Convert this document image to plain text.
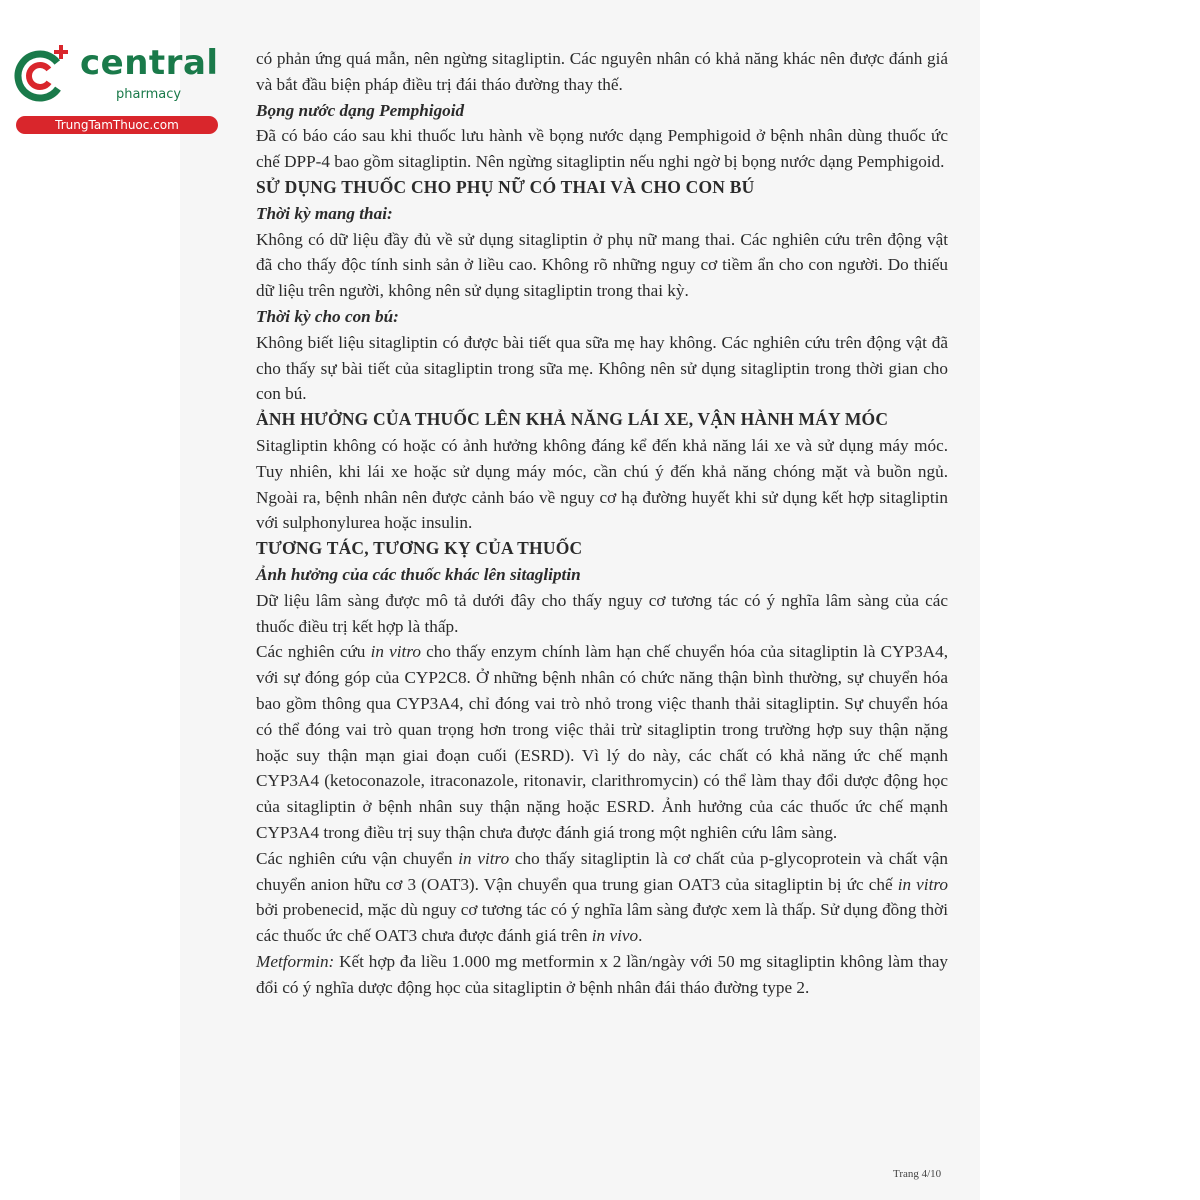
central
pharmacy
TrungTamThuoc.com

có phản ứng quá mẫn, nên ngừng sitagliptin. Các nguyên nhân có khả năng khác nên được đánh giá và bắt đầu biện pháp điều trị đái tháo đường thay thế.

Bọng nước dạng Pemphigoid

Đã có báo cáo sau khi thuốc lưu hành về bọng nước dạng Pemphigoid ở bệnh nhân dùng thuốc ức chế DPP-4 bao gồm sitagliptin. Nên ngừng sitagliptin nếu nghi ngờ bị bọng nước dạng Pemphigoid.

SỬ DỤNG THUỐC CHO PHỤ NỮ CÓ THAI VÀ CHO CON BÚ

Thời kỳ mang thai:

Không có dữ liệu đầy đủ về sử dụng sitagliptin ở phụ nữ mang thai. Các nghiên cứu trên động vật đã cho thấy độc tính sinh sản ở liều cao. Không rõ những nguy cơ tiềm ẩn cho con người. Do thiếu dữ liệu trên người, không nên sử dụng sitagliptin trong thai kỳ.

Thời kỳ cho con bú:

Không biết liệu sitagliptin có được bài tiết qua sữa mẹ hay không. Các nghiên cứu trên động vật đã cho thấy sự bài tiết của sitagliptin trong sữa mẹ. Không nên sử dụng sitagliptin trong thời gian cho con bú.

ẢNH HƯỞNG CỦA THUỐC LÊN KHẢ NĂNG LÁI XE, VẬN HÀNH MÁY MÓC

Sitagliptin không có hoặc có ảnh hưởng không đáng kể đến khả năng lái xe và sử dụng máy móc. Tuy nhiên, khi lái xe hoặc sử dụng máy móc, cần chú ý đến khả năng chóng mặt và buồn ngủ. Ngoài ra, bệnh nhân nên được cảnh báo về nguy cơ hạ đường huyết khi sử dụng kết hợp sitagliptin với sulphonylurea hoặc insulin.

TƯƠNG TÁC, TƯƠNG KỴ CỦA THUỐC

Ảnh hưởng của các thuốc khác lên sitagliptin

Dữ liệu lâm sàng được mô tả dưới đây cho thấy nguy cơ tương tác có ý nghĩa lâm sàng của các thuốc điều trị kết hợp là thấp.

Các nghiên cứu in vitro cho thấy enzym chính làm hạn chế chuyển hóa của sitagliptin là CYP3A4, với sự đóng góp của CYP2C8. Ở những bệnh nhân có chức năng thận bình thường, sự chuyển hóa bao gồm thông qua CYP3A4, chỉ đóng vai trò nhỏ trong việc thanh thải sitagliptin. Sự chuyển hóa có thể đóng vai trò quan trọng hơn trong việc thải trừ sitagliptin trong trường hợp suy thận nặng hoặc suy thận mạn giai đoạn cuối (ESRD). Vì lý do này, các chất có khả năng ức chế mạnh CYP3A4 (ketoconazole, itraconazole, ritonavir, clarithromycin) có thể làm thay đổi dược động học của sitagliptin ở bệnh nhân suy thận nặng hoặc ESRD. Ảnh hưởng của các thuốc ức chế mạnh CYP3A4 trong điều trị suy thận chưa được đánh giá trong một nghiên cứu lâm sàng.

Các nghiên cứu vận chuyển in vitro cho thấy sitagliptin là cơ chất của p-glycoprotein và chất vận chuyển anion hữu cơ 3 (OAT3). Vận chuyển qua trung gian OAT3 của sitagliptin bị ức chế in vitro bởi probenecid, mặc dù nguy cơ tương tác có ý nghĩa lâm sàng được xem là thấp. Sử dụng đồng thời các thuốc ức chế OAT3 chưa được đánh giá trên in vivo.

Metformin: Kết hợp đa liều 1.000 mg metformin x 2 lần/ngày với 50 mg sitagliptin không làm thay đổi có ý nghĩa dược động học của sitagliptin ở bệnh nhân đái tháo đường type 2.

Trang 4/10
